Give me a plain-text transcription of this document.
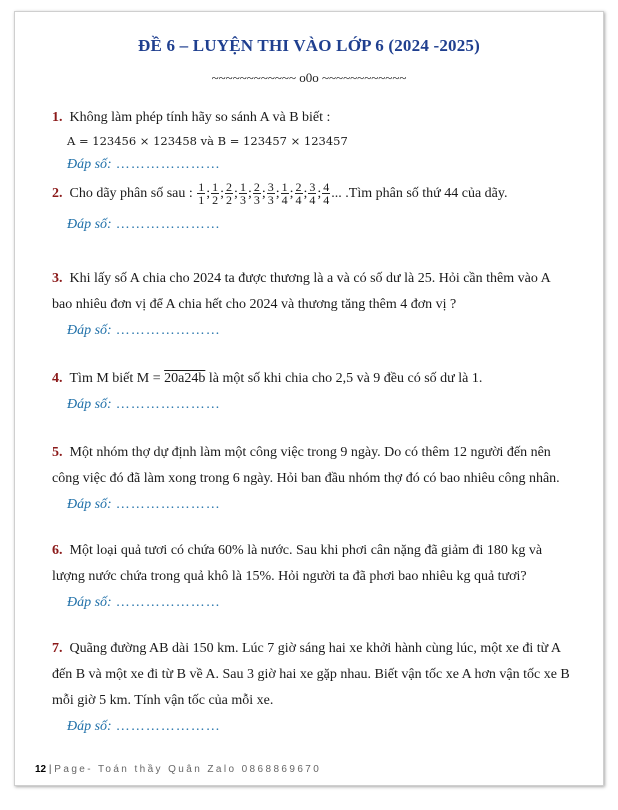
ĐỀ 6 – LUYỆN THI VÀO LỚP 6 (2024 -2025)
~~~~~~~~~~~~ o0o ~~~~~~~~~~~~
1. Không làm phép tính hãy so sánh A và B biết :
A = 123456 × 123458 và B = 123457 × 123457
Đáp số: …………………
2. Cho dãy phân số sau : $\frac{1}{1}$ ; $\frac{1}{2}$ ; $\frac{2}{2}$ ; $\frac{1}{3}$ ; $\frac{2}{3}$ ; $\frac{3}{3}$ ; $\frac{1}{4}$ ; $\frac{2}{4}$ ; $\frac{3}{4}$ ; $\frac{4}{4}$ ... .Tìm phân số thứ 44 của dãy.
Đáp số: …………………
3. Khi lấy số A chia cho 2024 ta được thương là a và có số dư là 25. Hỏi cần thêm vào A bao nhiêu đơn vị để A chia hết cho 2024 và thương tăng thêm 4 đơn vị ?
Đáp số: …………………
4. Tìm M biết M = 20a24b là một số khi chia cho 2,5 và 9 đều có số dư là 1.
Đáp số: …………………
5. Một nhóm thợ dự định làm một công việc trong 9 ngày. Do có thêm 12 người đến nên công việc đó đã làm xong trong 6 ngày. Hỏi ban đầu nhóm thợ đó có bao nhiêu công nhân.
Đáp số: …………………
6. Một loại quả tươi có chứa 60% là nước. Sau khi phơi cân nặng đã giảm đi 180 kg và lượng nước chứa trong quả khô là 15%. Hỏi người ta đã phơi bao nhiêu kg quả tươi?
Đáp số: …………………
7. Quãng đường AB dài 150 km. Lúc 7 giờ sáng hai xe khởi hành cùng lúc, một xe đi từ A đến B và một xe đi từ B về A. Sau 3 giờ hai xe gặp nhau. Biết vận tốc xe A hơn vận tốc xe B mỗi giờ 5 km. Tính vận tốc của mỗi xe.
Đáp số: …………………
12 | Page- Toán thầy Quân Zalo 0868869670
